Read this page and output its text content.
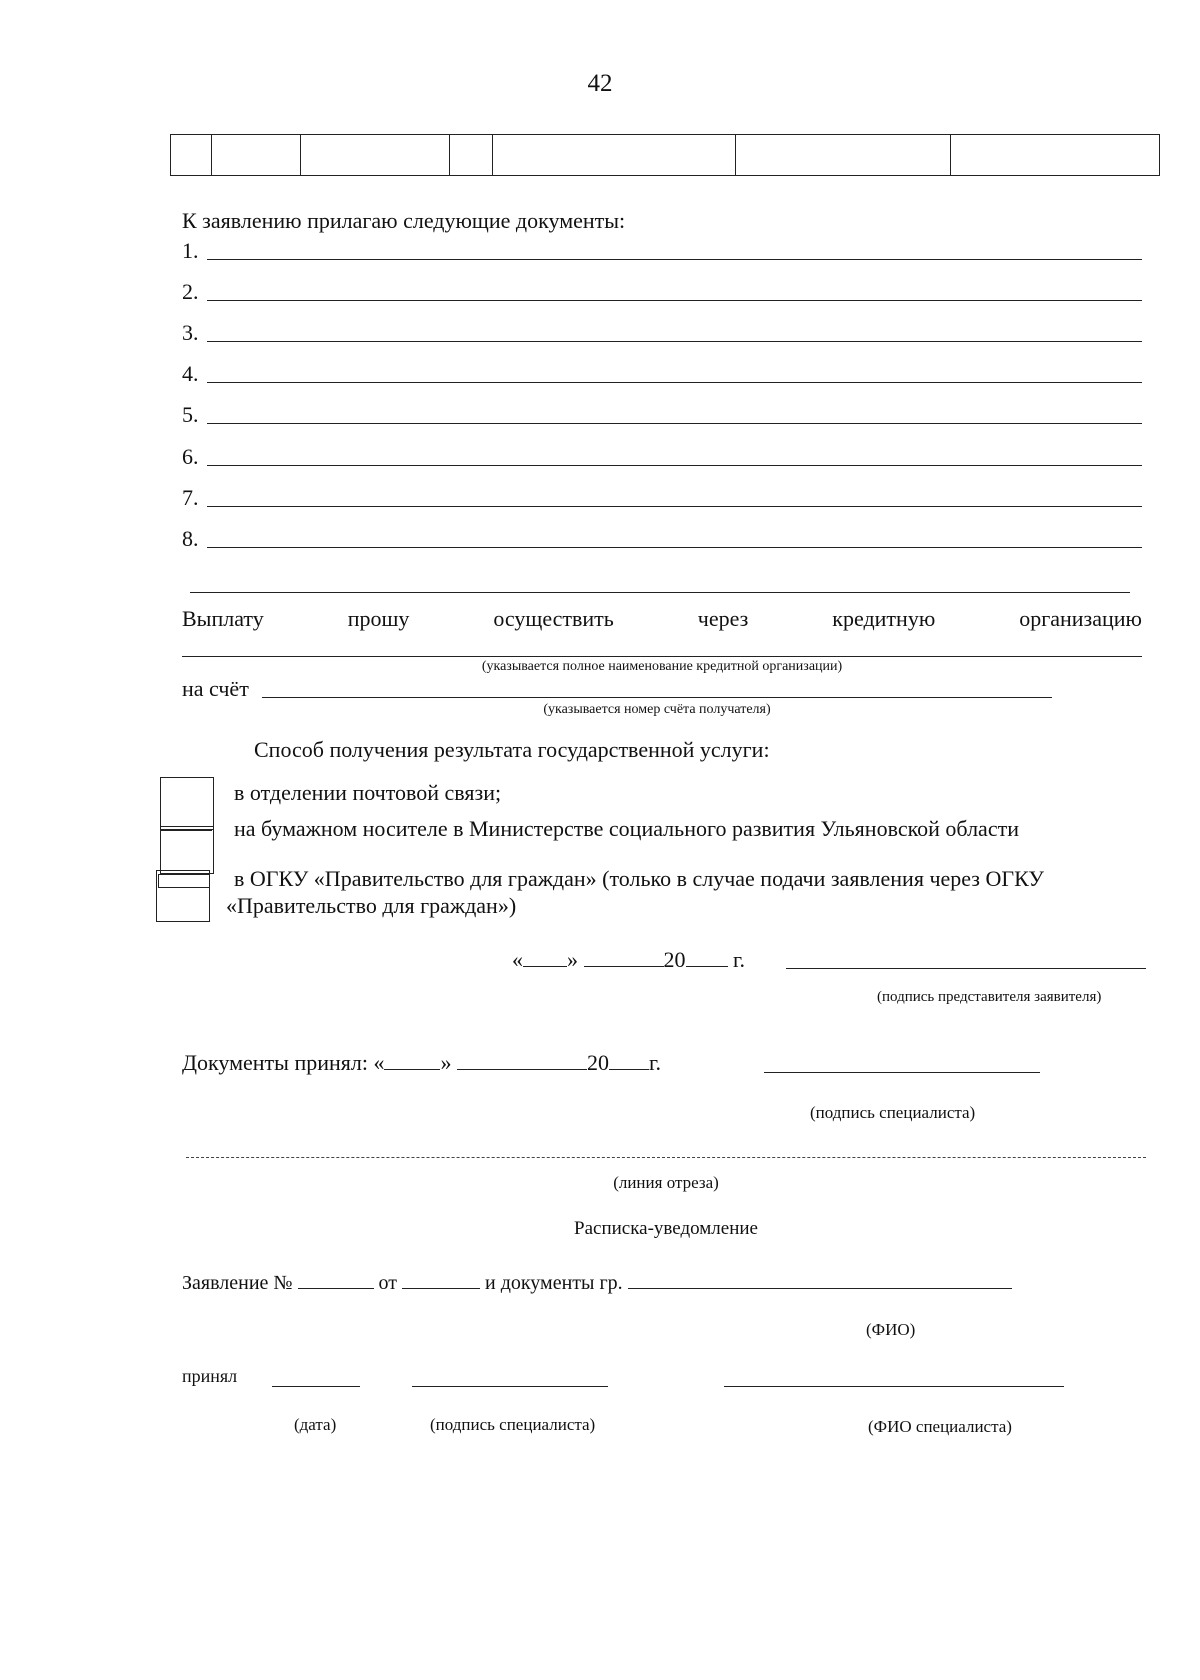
42

К заявлению прилагаю следующие документы:
1.
2.
3.
4.
5.
6.
7.
8.
Выплату	прошу	осуществить	через	кредитную	организацию
(указывается полное наименование кредитной организации)
на счёт
(указывается номер счёта получателя)
Способ получения результата государственной услуги:
в отделении почтовой связи;
на бумажном носителе в Министерстве социального развития Ульяновской области
в ОГКУ «Правительство для граждан» (только в случае подачи заявления через ОГКУ
«Правительство для граждан»)
« »	20 г.
(подпись представителя заявителя)
Документы принял: «	»	20 г.
(подпись специалиста)
(линия отреза)
Расписка-уведомление
Заявление №	от	и документы гр.
(ФИО)
принял
(дата)	(подпись специалиста)	(ФИО специалиста)
